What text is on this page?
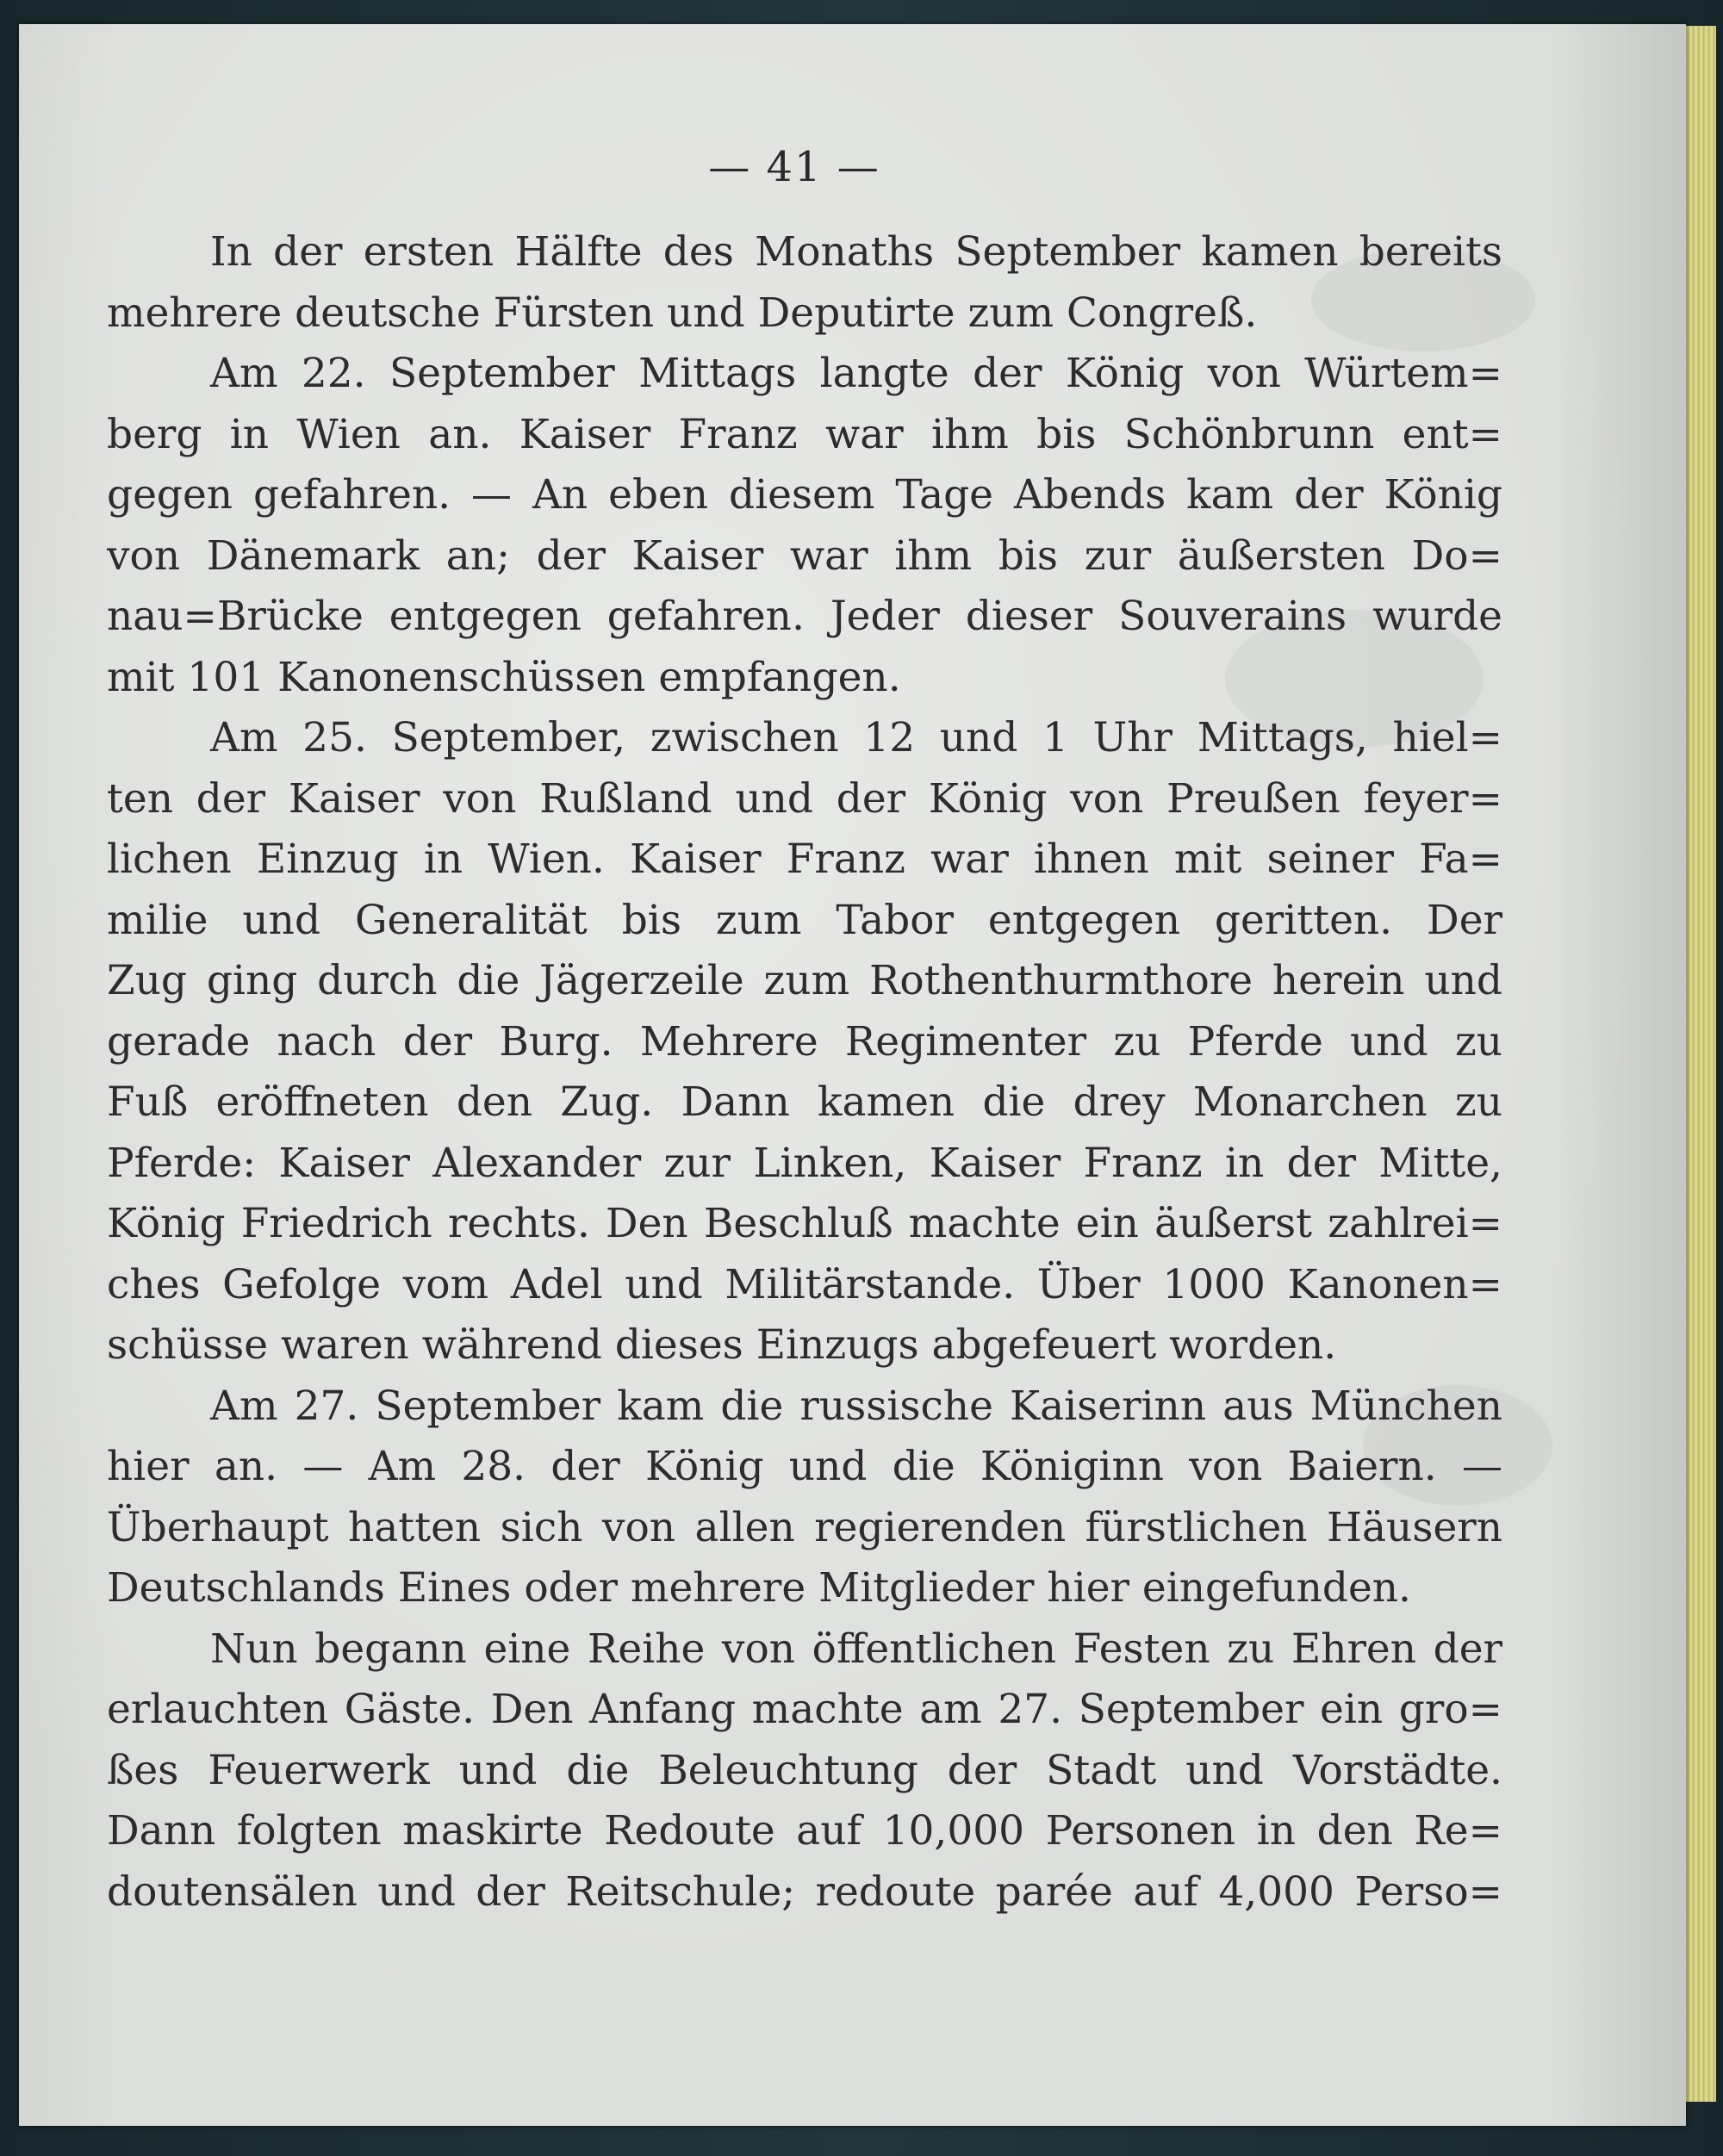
— 41 —
In der ersten Hälfte des Monaths September kamen bereits
mehrere deutsche Fürsten und Deputirte zum Congreß.
Am 22. September Mittags langte der König von Würtem=
berg in Wien an. Kaiser Franz war ihm bis Schönbrunn ent=
gegen gefahren. — An eben diesem Tage Abends kam der König
von Dänemark an; der Kaiser war ihm bis zur äußersten Do=
nau=Brücke entgegen gefahren. Jeder dieser Souverains wurde
mit 101 Kanonenschüssen empfangen.
Am 25. September, zwischen 12 und 1 Uhr Mittags, hiel=
ten der Kaiser von Rußland und der König von Preußen feyer=
lichen Einzug in Wien. Kaiser Franz war ihnen mit seiner Fa=
milie und Generalität bis zum Tabor entgegen geritten. Der
Zug ging durch die Jägerzeile zum Rothenthurmthore herein und
gerade nach der Burg. Mehrere Regimenter zu Pferde und zu
Fuß eröffneten den Zug. Dann kamen die drey Monarchen zu
Pferde: Kaiser Alexander zur Linken, Kaiser Franz in der Mitte,
König Friedrich rechts. Den Beschluß machte ein äußerst zahlrei=
ches Gefolge vom Adel und Militärstande. Über 1000 Kanonen=
schüsse waren während dieses Einzugs abgefeuert worden.
Am 27. September kam die russische Kaiserinn aus München
hier an. — Am 28. der König und die Königinn von Baiern. —
Überhaupt hatten sich von allen regierenden fürstlichen Häusern
Deutschlands Eines oder mehrere Mitglieder hier eingefunden.
Nun begann eine Reihe von öffentlichen Festen zu Ehren der
erlauchten Gäste. Den Anfang machte am 27. September ein gro=
ßes Feuerwerk und die Beleuchtung der Stadt und Vorstädte.
Dann folgten maskirte Redoute auf 10,000 Personen in den Re=
doutensälen und der Reitschule; redoute parée auf 4,000 Perso=
